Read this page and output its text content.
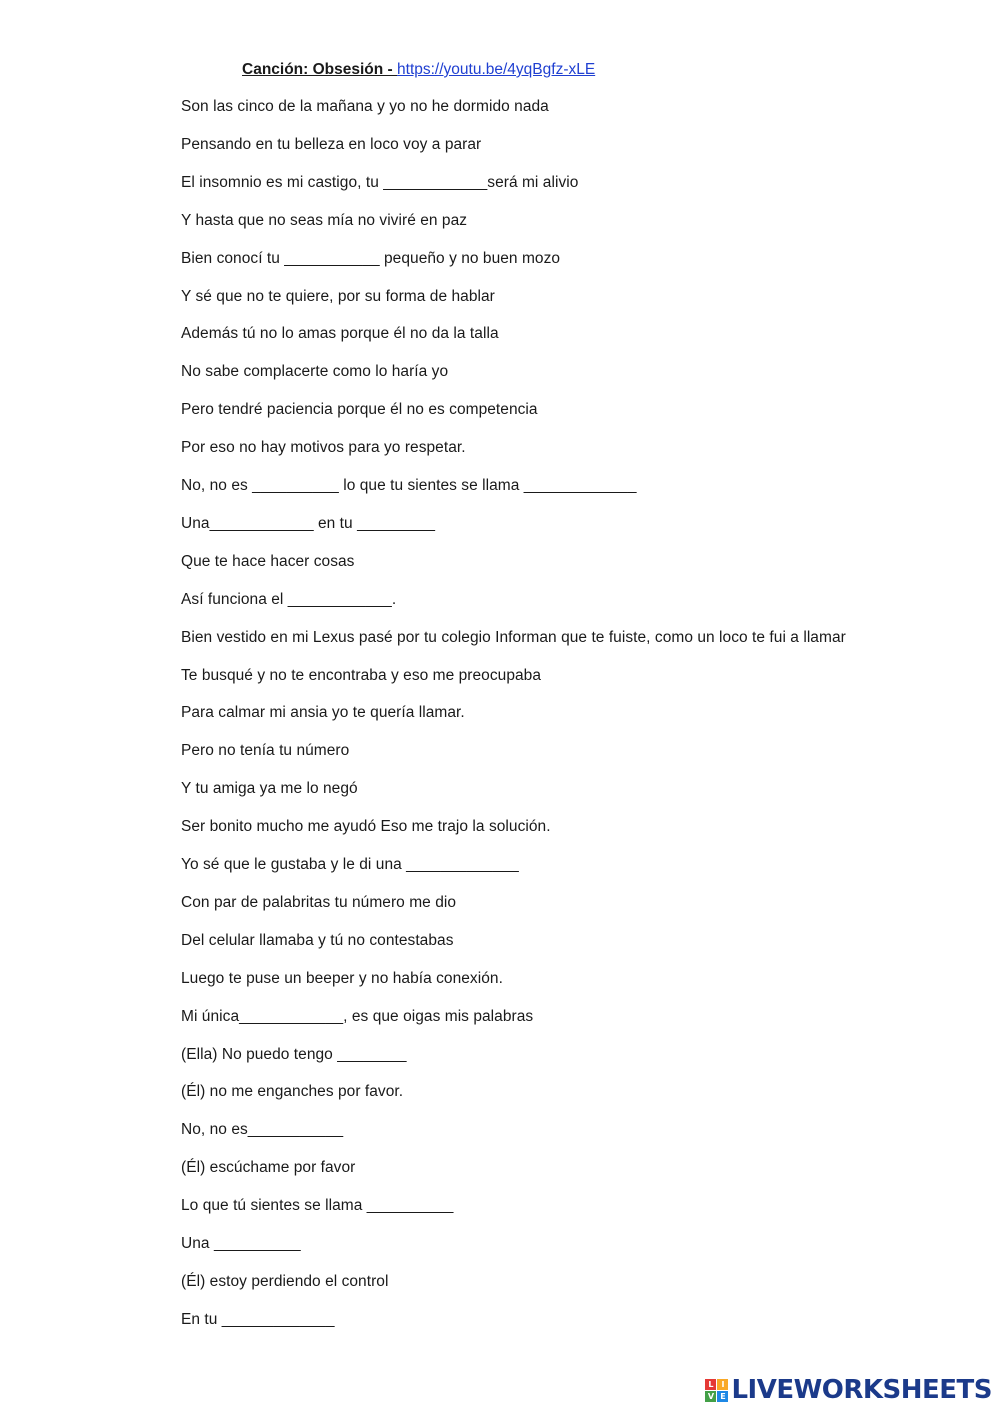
Canción: Obsesión - https://youtu.be/4yqBgfz-xLE
Son las cinco de la mañana y yo no he dormido nada
Pensando en tu belleza en loco voy a parar
El insomnio es mi castigo, tu ____________será mi alivio
Y hasta que no seas mía no viviré en paz
Bien conocí tu ___________ pequeño y no buen mozo
Y sé que no te quiere, por su forma de hablar
Además tú no lo amas porque él no da la talla
No sabe complacerte como lo haría yo
Pero tendré paciencia porque él no es competencia
Por eso no hay motivos para yo respetar.
No, no es __________ lo que tu sientes se llama _____________
Una____________ en tu _________
Que te hace hacer cosas
Así funciona el ____________.
Bien vestido en mi Lexus pasé por tu colegio Informan que te fuiste, como un loco te fui a llamar
Te busqué y no te encontraba y eso me preocupaba
Para calmar mi ansia yo te quería llamar.
Pero no tenía tu número
Y tu amiga ya me lo negó
Ser bonito mucho me ayudó Eso me trajo la solución.
Yo sé que le gustaba y le di una _____________
Con par de palabritas tu número me dio
Del celular llamaba y tú no contestabas
Luego te puse un beeper y no había conexión.
Mi única____________, es que oigas mis palabras
(Ella) No puedo tengo ________
(Él) no me enganches por favor.
No, no es___________
(Él) escúchame por favor
Lo que tú sientes se llama __________
Una __________
(Él) estoy perdiendo el control
En tu _____________
L I
V E LIVEWORKSHEETS
